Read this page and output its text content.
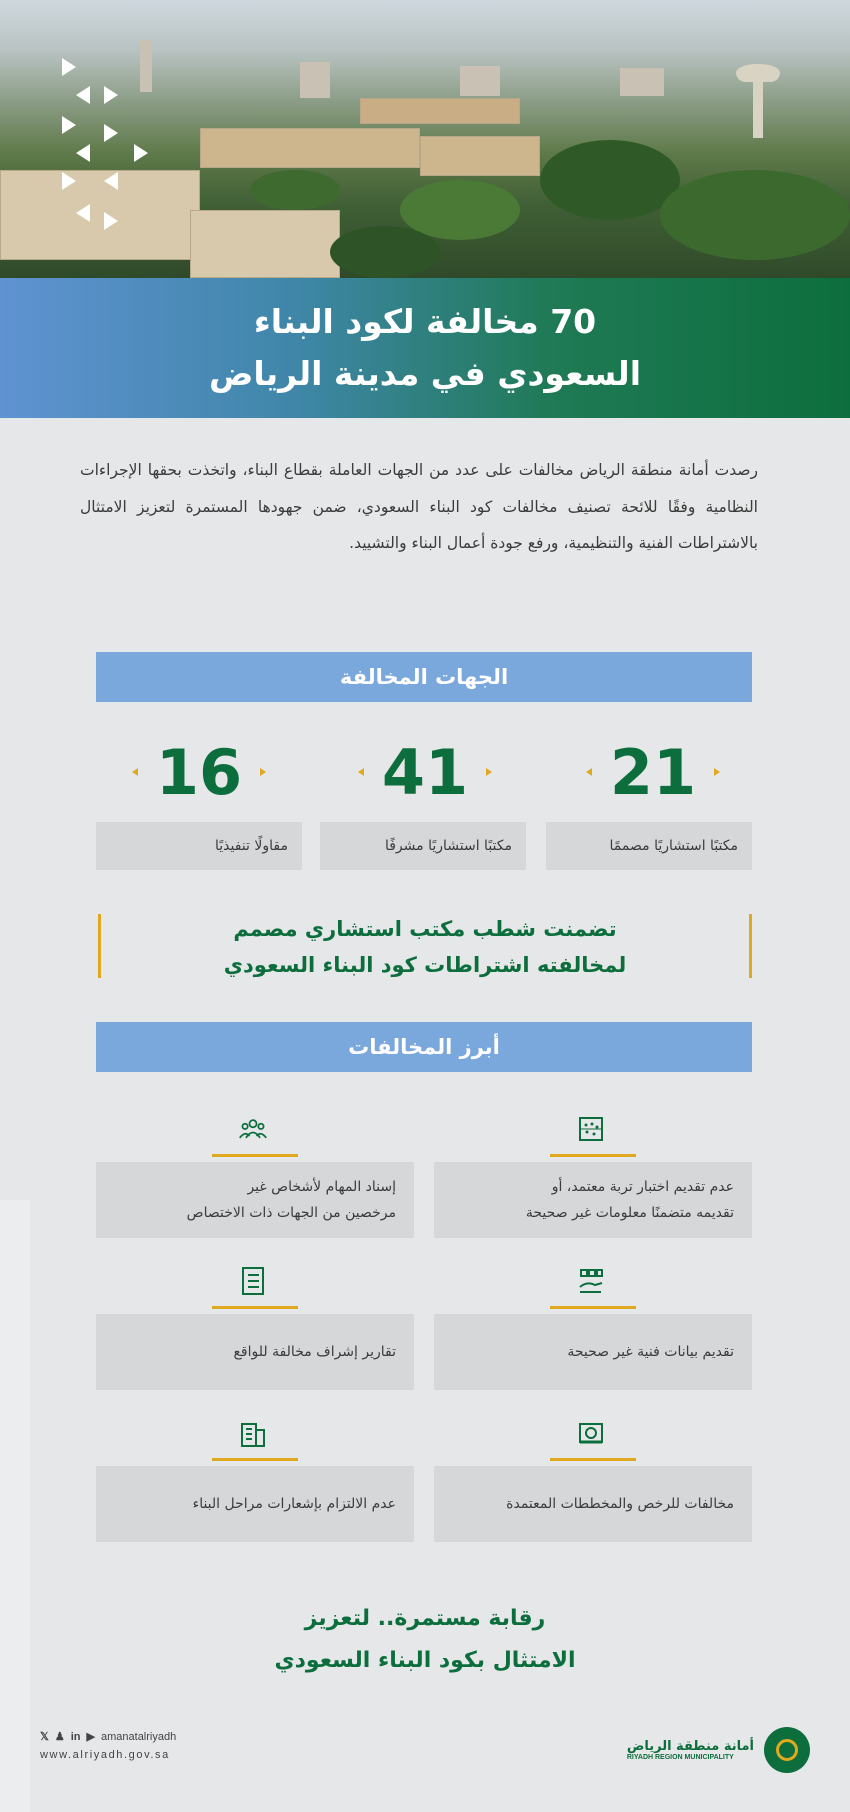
70 مخالفة لكود البناء
السعودي في مدينة الرياض

رصدت أمانة منطقة الرياض مخالفات على عدد من الجهات العاملة بقطاع البناء، واتخذت بحقها الإجراءات النظامية وفقًا للائحة تصنيف مخالفات كود البناء السعودي، ضمن جهودها المستمرة لتعزيز الامتثال بالاشتراطات الفنية والتنظيمية، ورفع جودة أعمال البناء والتشييد.

الجهات المخالفة
21
41
16
مكتبًا استشاريًا مصممًا
مكتبًا استشاريًا مشرفًا
مقاولًا تنفيذيًا
تضمنت شطب مكتب استشاري مصمم
لمخالفته اشتراطات كود البناء السعودي
أبرز المخالفات
عدم تقديم اختبار تربة معتمد، أو
تقديمه متضمنًا معلومات غير صحيحة
إسناد المهام لأشخاص غير
مرخصين من الجهات ذات الاختصاص
تقديم بيانات فنية غير صحيحة
تقارير إشراف مخالفة للواقع
مخالفات للرخص والمخططات المعتمدة
عدم الالتزام بإشعارات مراحل البناء
رقابة مستمرة.. لتعزيز
الامتثال بكود البناء السعودي
𝕏 ♟ in ▶ amanatalriyadh
www.alriyadh.gov.sa
أمانة منطقة الرياض
RIYADH REGION MUNICIPALITY
